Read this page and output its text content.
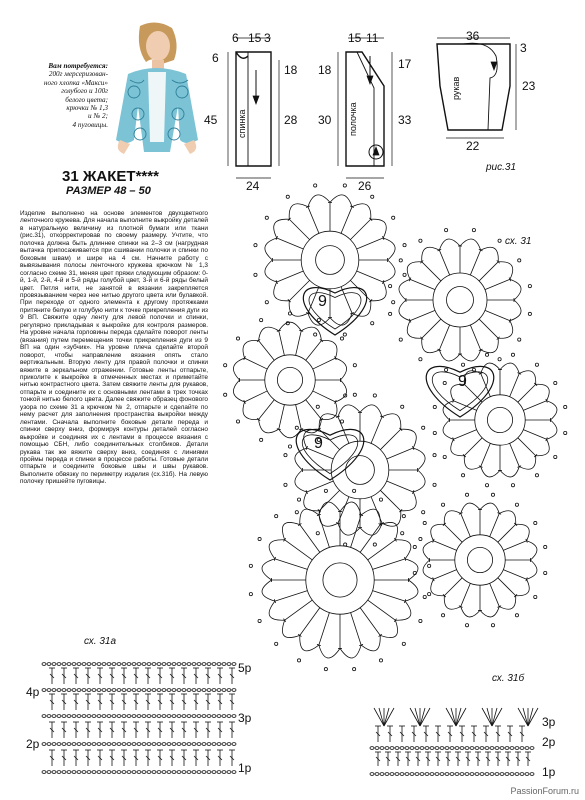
Вам потребуется:
200г мерсеризован-
ного хлопка «Макси»
голубого и 100г
белого цвета;
крючки № 1,3
и № 2;
4 пуговицы.
31 ЖАКЕТ****
РАЗМЕР 48 – 50
Изделие выполнено на основе элементов двухцветного ленточного кружева. Для начала выполните выкройку деталей в натуральную величину из плотной бумаги или ткани (рис.31), откорректировав по своему размеру. Учтите, что полочка должна быть длиннее спинки на 2–3 см (нагрудная вытачка припосаживается при сшивании полочки и спинки по боковым швам) и шире на 4 см. Начните работу с вывязывания полосы ленточного кружева крючком № 1,3 согласно схеме 31, меняя цвет пряжи следующим образом: 0-й, 1-й, 2-й, 4-й и 5-й ряды голубой цвет, 3-й и 6-й ряды белый цвет. Петля нити, не занятой в вязании закрепляется провязыванием через нее нитью другого цвета или булавкой. При переходе от одного элемента к другому протяжками притяните белую и голубую нити к точке прикрепления дуги из 9 ВП. Свяжите одну ленту для левой полочки и спинки, регулярно прикладывая к выкройке для контроля размеров. На уровне начала горловины переда сделайте поворот ленты (вязания) путем перемещения точки прикрепления дуги из 9 ВП на один «зубчик». На уровне плеча сделайте второй поворот, чтобы направление вязания опять стало вертикальным. Вторую ленту для правой полочки и спинки вяжите в зеркальном отражении. Готовые ленты отпарьте, приколите к выкройке в отмеченных местах и приметайте нитью контрастного цвета. Затем свяжите ленты для рукавов, отпарьте и соедините их с основными лентами в трех точках тонкой нитью белого цвета. Далее свяжите образец фонового узора по схеме 31 а крючком № 2, отпарьте и сделайте по нему расчет для заполнения пространства выкройки между лентами. Сначала выполните боковые детали переда и спинки сверху вниз, формируя контуры деталей согласно выкройке и соединяя их с лентами в процессе вязания с помощью СБН, либо соединительных столбиков. Детали рукава так же вяжите сверху вниз, соединяя с линиями проймы переда и спинки в процессе работы. Готовые детали отпарьте и соедините боковые швы и швы рукавов. Выполните обвязку по периметру изделия (сх.31б). На левую полочку пришейте пуговицы.
6 15 3
6
18
45	28
24
15 11
18	17
30	33
26
36
3
23
22
спинка	полочка
рукав
рис.31
9
9
9
сх. 31
сх. 31а
сх. 31б
4р
2р
5р
3р
1р
3р
2р
1р
PassionForum.ru
